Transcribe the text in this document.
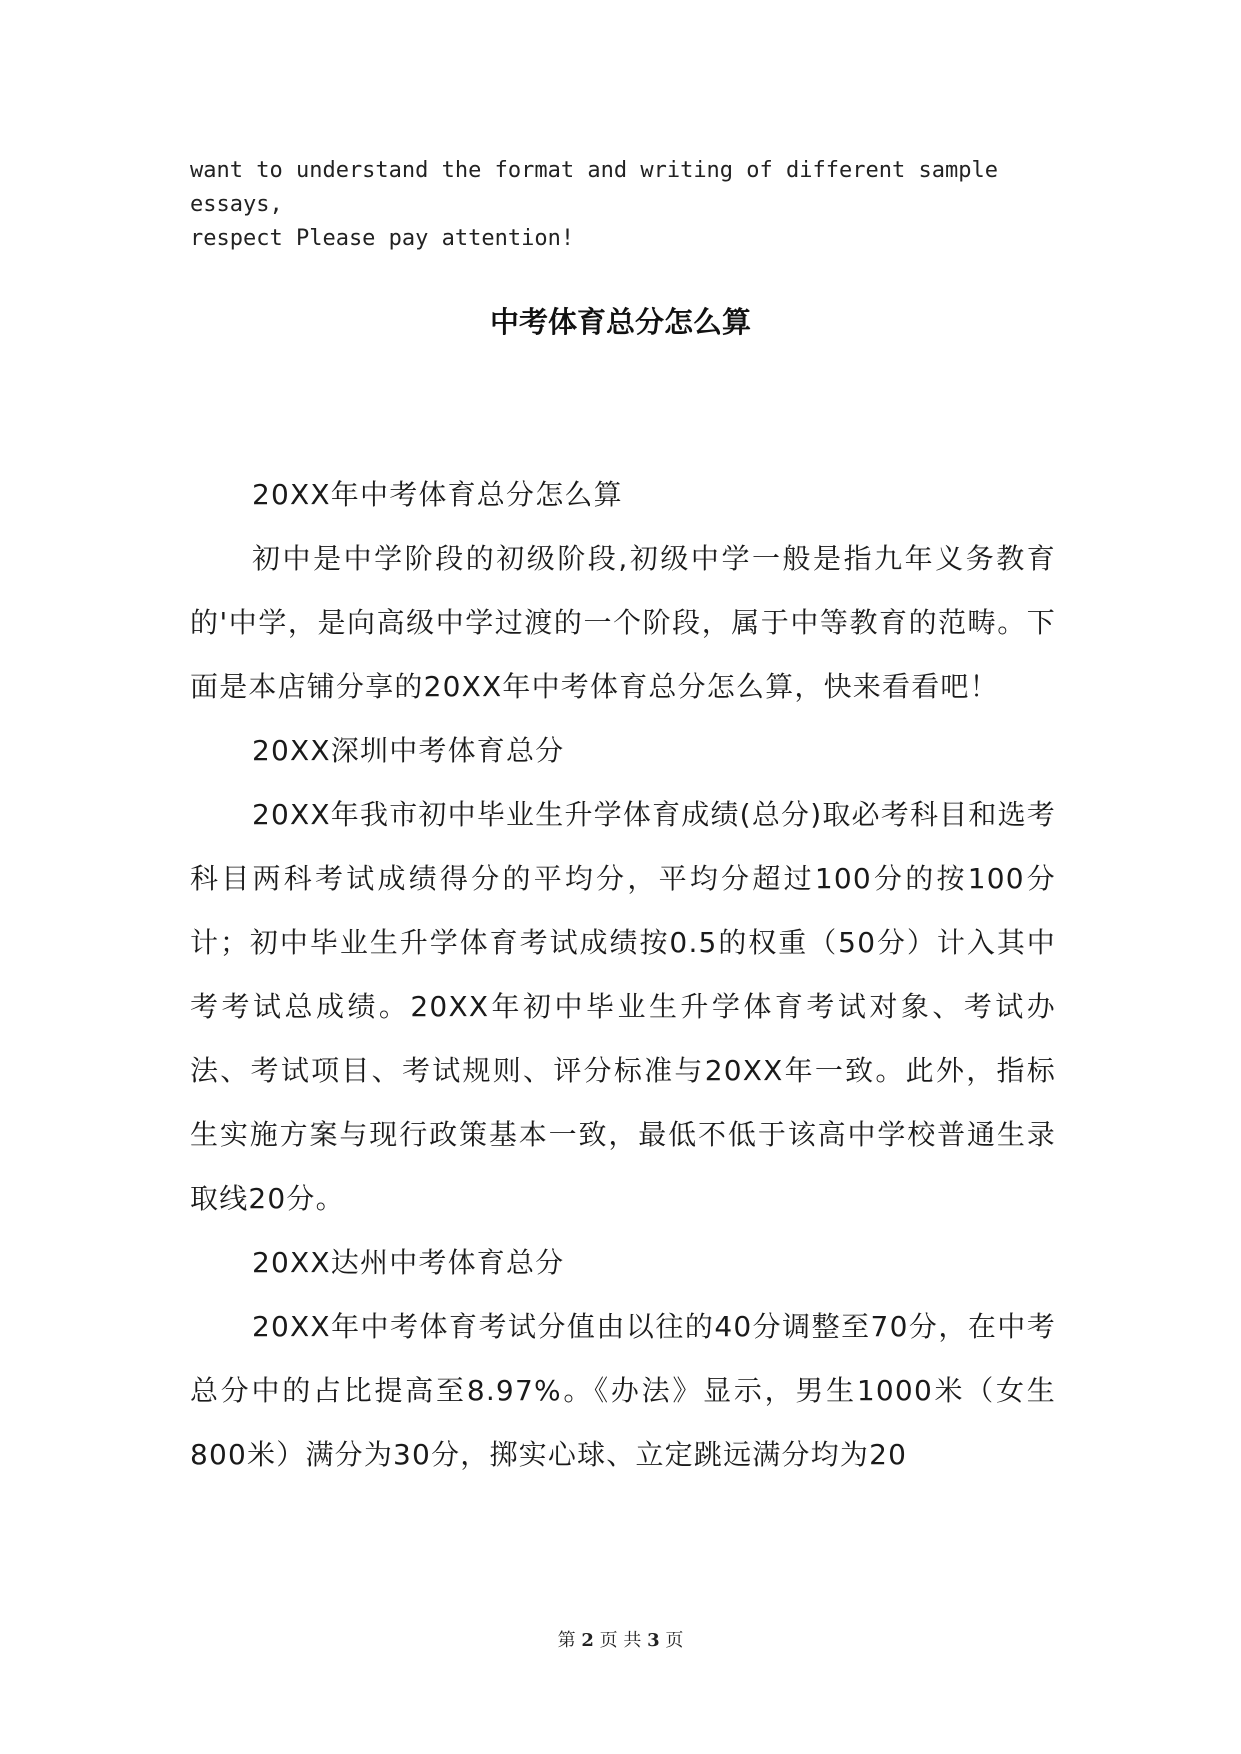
want to understand the format and writing of different sample essays,
respect Please pay attention!
中考体育总分怎么算

20XX年中考体育总分怎么算

初中是中学阶段的初级阶段,初级中学一般是指九年义务教育的'中学，是向高级中学过渡的一个阶段，属于中等教育的范畴。下面是本店铺分享的20XX年中考体育总分怎么算，快来看看吧！

20XX深圳中考体育总分

20XX年我市初中毕业生升学体育成绩(总分)取必考科目和选考科目两科考试成绩得分的平均分，平均分超过100分的按100分计；初中毕业生升学体育考试成绩按0.5的权重（50分）计入其中考考试总成绩。20XX年初中毕业生升学体育考试对象、考试办法、考试项目、考试规则、评分标准与20XX年一致。此外，指标生实施方案与现行政策基本一致，最低不低于该高中学校普通生录取线20分。

20XX达州中考体育总分

20XX年中考体育考试分值由以往的40分调整至70分，在中考总分中的占比提高至8.97%。《办法》显示，男生1000米（女生800米）满分为30分，掷实心球、立定跳远满分均为20

第 2 页 共 3 页
